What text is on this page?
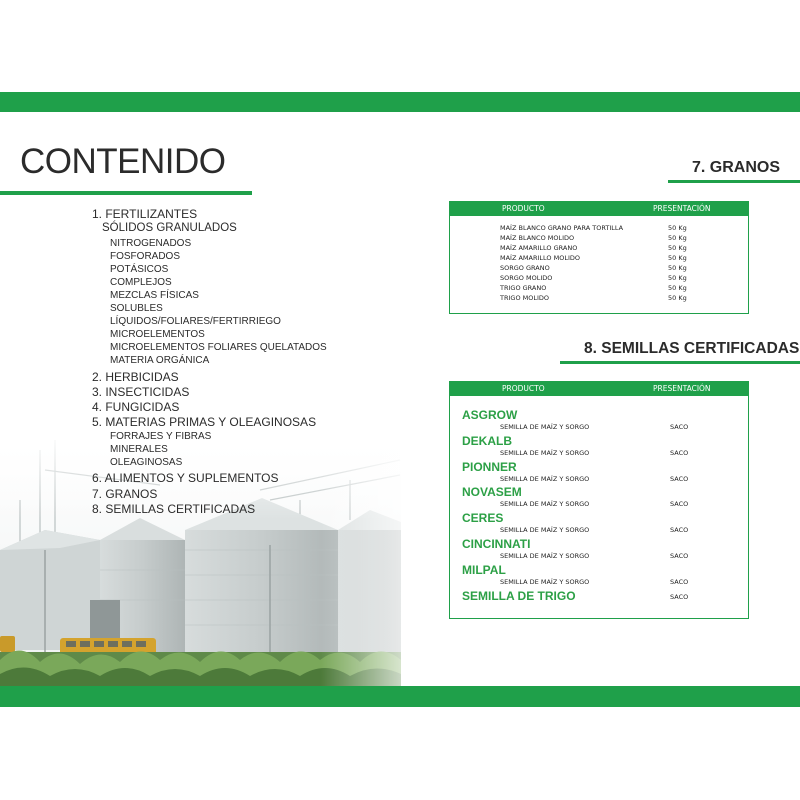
CONTENIDO
1. FERTILIZANTES
SÓLIDOS GRANULADOS
NITROGENADOS
FOSFORADOS
POTÁSICOS
COMPLEJOS
MEZCLAS FÍSICAS
SOLUBLES
LÍQUIDOS/FOLIARES/FERTIRRIEGO
MICROELEMENTOS
MICROELEMENTOS FOLIARES QUELATADOS
MATERIA ORGÁNICA
2. HERBICIDAS
3. INSECTICIDAS
4. FUNGICIDAS
5. MATERIAS PRIMAS Y OLEAGINOSAS
FORRAJES Y FIBRAS
MINERALES
OLEAGINOSAS
6. ALIMENTOS Y SUPLEMENTOS
7. GRANOS
8. SEMILLAS CERTIFICADAS
7. GRANOS
PRODUCTO	PRESENTACIÓN
MAÍZ BLANCO GRANO PARA TORTILLA	50 Kg
MAÍZ BLANCO MOLIDO	50 Kg
MAÍZ AMARILLO GRANO	50 Kg
MAÍZ AMARILLO MOLIDO	50 Kg
SORGO GRANO	50 Kg
SORGO MOLIDO	50 Kg
TRIGO GRANO	50 Kg
TRIGO MOLIDO	50 Kg
8. SEMILLAS CERTIFICADAS
PRODUCTO	PRESENTACIÓN
ASGROW
SEMILLA DE MAÍZ Y SORGO	SACO
DEKALB
SEMILLA DE MAÍZ Y SORGO	SACO
PIONNER
SEMILLA DE MAÍZ Y SORGO	SACO
NOVASEM
SEMILLA DE MAÍZ Y SORGO	SACO
CERES
SEMILLA DE MAÍZ Y SORGO	SACO
CINCINNATI
SEMILLA DE MAÍZ Y SORGO	SACO
MILPAL
SEMILLA DE MAÍZ Y SORGO	SACO
SEMILLA DE TRIGO	SACO
